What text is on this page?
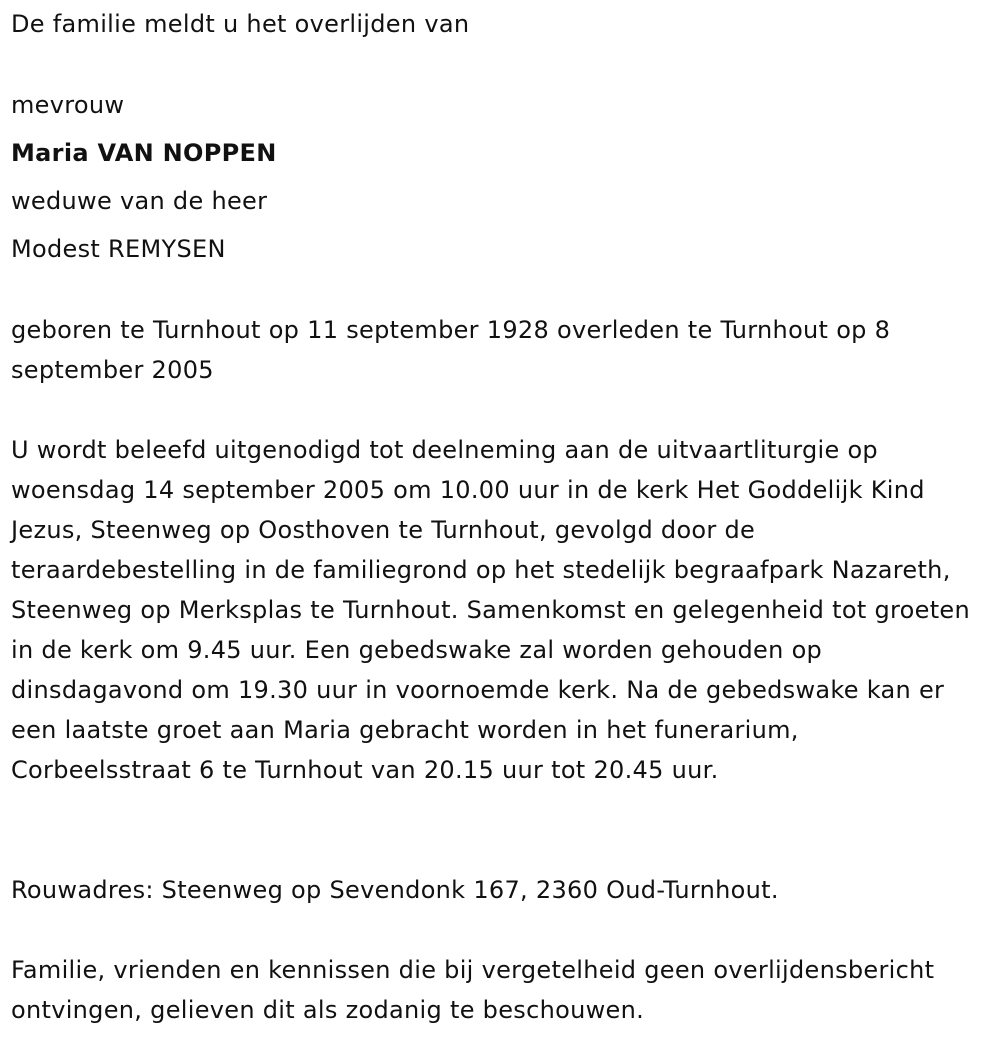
De familie meldt u het overlijden van

mevrouw

Maria VAN NOPPEN

weduwe van de heer

Modest REMYSEN

geboren te Turnhout op 11 september 1928 overleden te Turnhout op 8 september 2005

U wordt beleefd uitgenodigd tot deelneming aan de uitvaartliturgie op woensdag 14 september 2005 om 10.00 uur in de kerk Het Goddelijk Kind Jezus, Steenweg op Oosthoven te Turnhout, gevolgd door de teraardebestelling in de familiegrond op het stedelijk begraafpark Nazareth, Steenweg op Merksplas te Turnhout. Samenkomst en gelegenheid tot groeten in de kerk om 9.45 uur. Een gebedswake zal worden gehouden op dinsdagavond om 19.30 uur in voornoemde kerk. Na de gebedswake kan er een laatste groet aan Maria gebracht worden in het funerarium, Corbeelsstraat 6 te Turnhout van 20.15 uur tot 20.45 uur.

Rouwadres: Steenweg op Sevendonk 167, 2360 Oud-Turnhout.

Familie, vrienden en kennissen die bij vergetelheid geen overlijdensbericht ontvingen, gelieven dit als zodanig te beschouwen.
